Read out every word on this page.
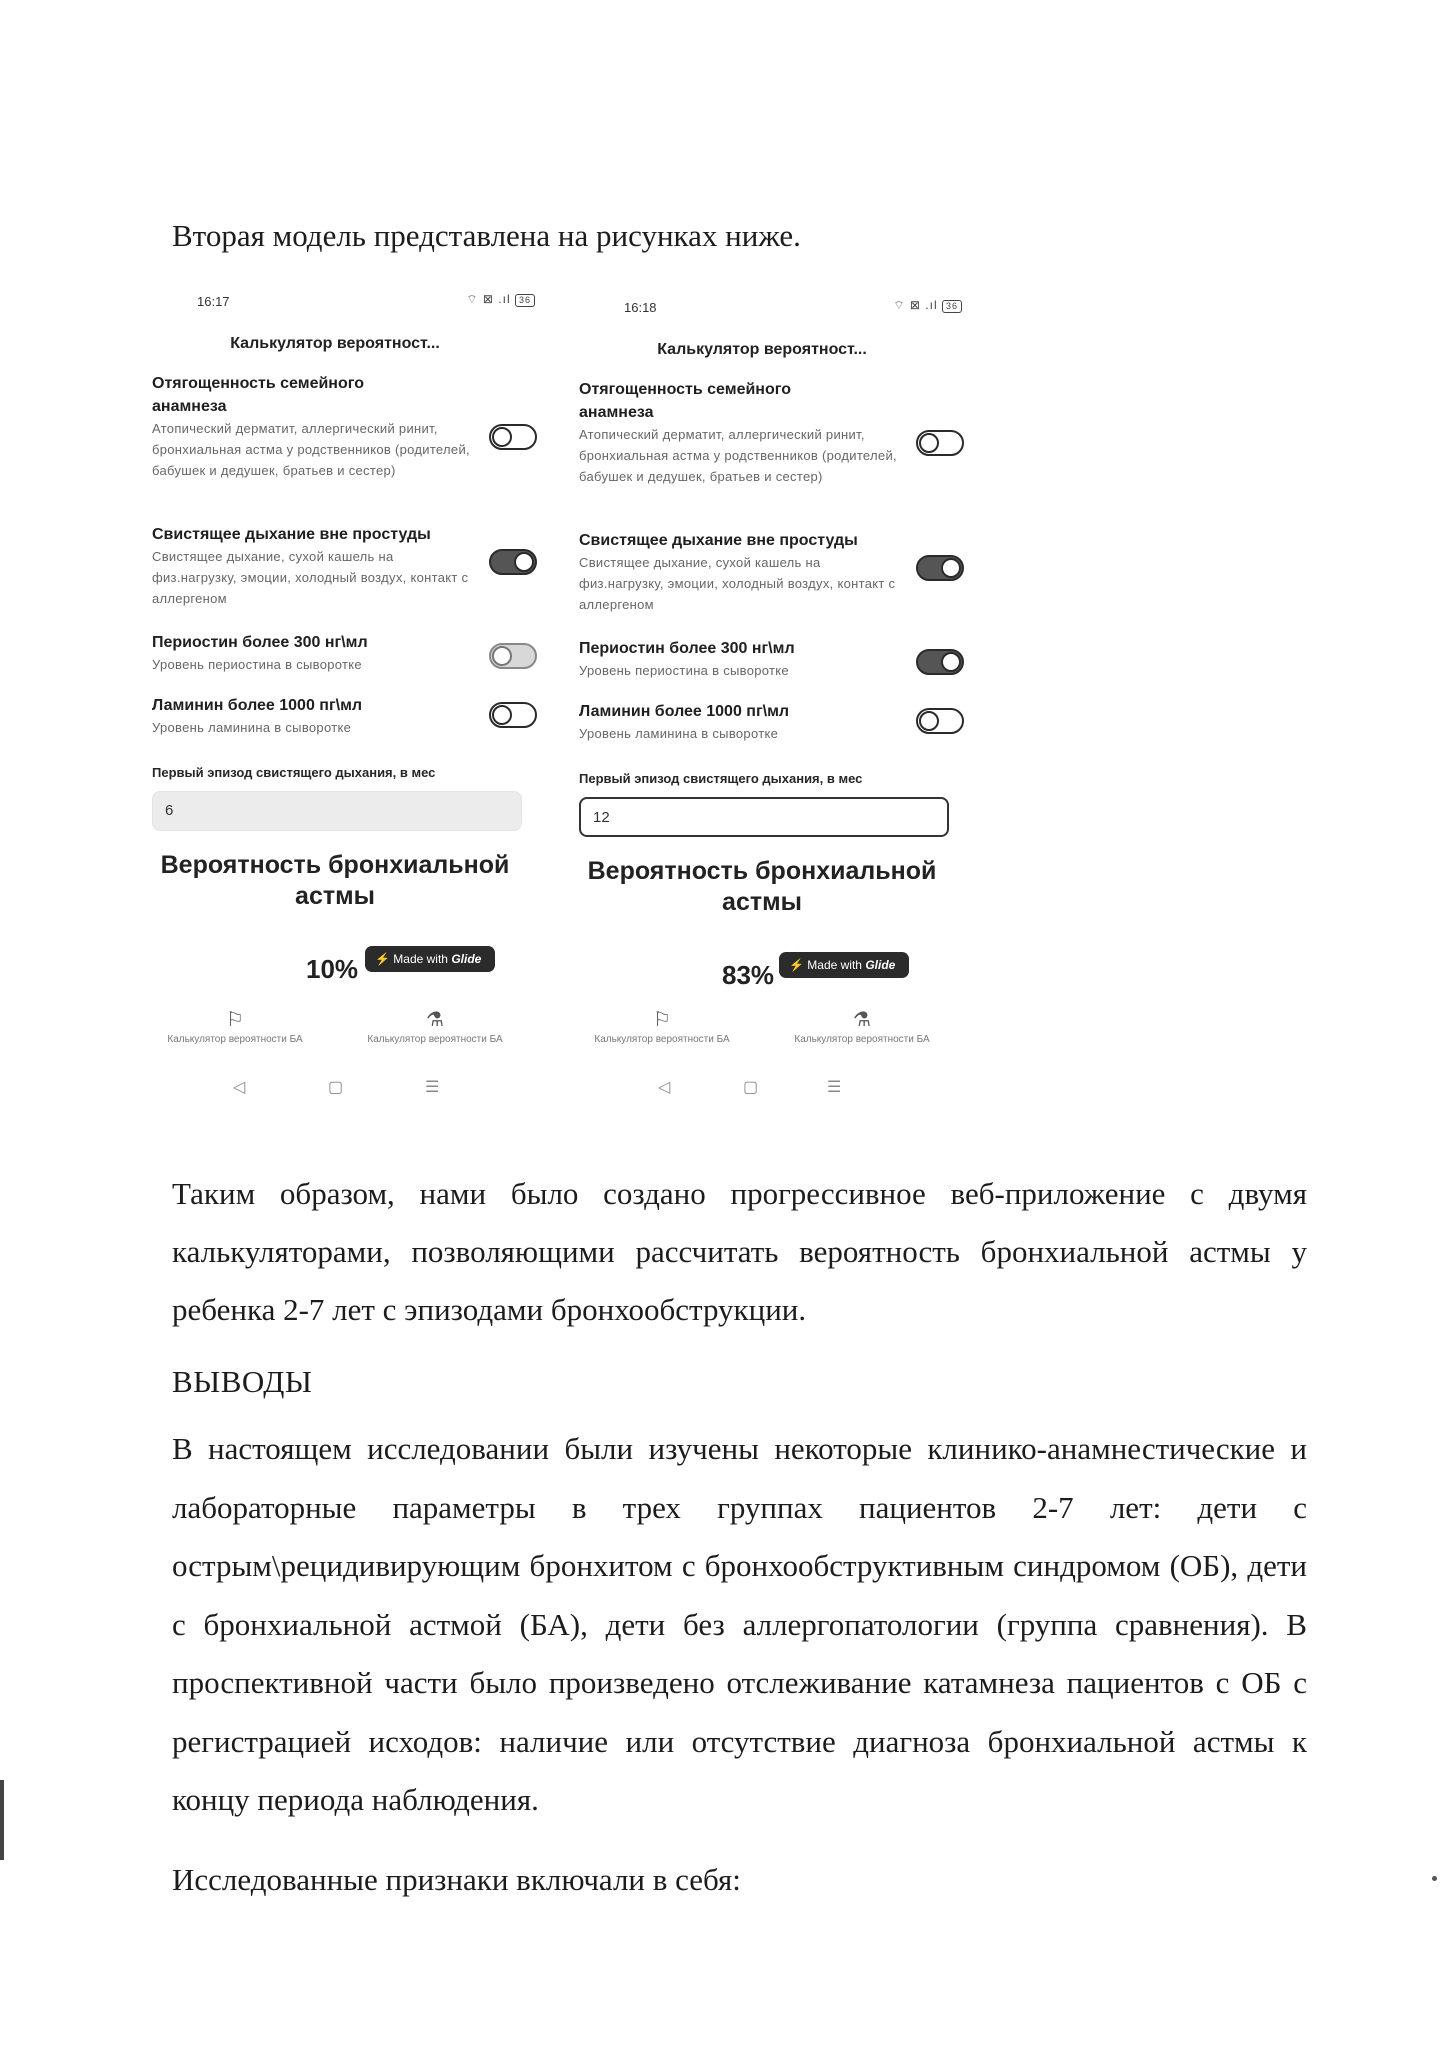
Вторая модель представлена на рисунках ниже.
16:17	⌔ ⊠ .ıl 36
Калькулятор вероятност...
Отягощенность семейного анамнеза
Атопический дерматит, аллергический ринит, бронхиальная астма у родственников (родителей, бабушек и дедушек, братьев и сестер)
Свистящее дыхание вне простуды
Свистящее дыхание, сухой кашель на физ.нагрузку, эмоции, холодный воздух, контакт с аллергеном
Периостин более 300 нг\мл
Уровень периостина в сыворотке
Ламинин более 1000 пг\мл
Уровень ламинина в сыворотке
Первый эпизод свистящего дыхания, в мес
6
Вероятность бронхиальной астмы
10%	⚡ Made with Glide
⚐
Калькулятор вероятности БА
⚗
Калькулятор вероятности БА
◁	▢	☰
16:18	⌔ ⊠ .ıl 36
Калькулятор вероятност...
Отягощенность семейного анамнеза
Атопический дерматит, аллергический ринит, бронхиальная астма у родственников (родителей, бабушек и дедушек, братьев и сестер)
Свистящее дыхание вне простуды
Свистящее дыхание, сухой кашель на физ.нагрузку, эмоции, холодный воздух, контакт с аллергеном
Периостин более 300 нг\мл
Уровень периостина в сыворотке
Ламинин более 1000 пг\мл
Уровень ламинина в сыворотке
Первый эпизод свистящего дыхания, в мес
12
Вероятность бронхиальной астмы
83%	⚡ Made with Glide
⚐
Калькулятор вероятности БА
⚗
Калькулятор вероятности БА
◁	▢	☰
Таким образом, нами было создано прогрессивное веб-приложение с двумя калькуляторами, позволяющими рассчитать вероятность бронхиальной астмы у ребенка 2-7 лет с эпизодами бронхообструкции.
ВЫВОДЫ
В настоящем исследовании были изучены некоторые клинико-анамнестические и лабораторные параметры в трех группах пациентов 2-7 лет: дети с острым\рецидивирующим бронхитом с бронхообструктивным синдромом (ОБ), дети с бронхиальной астмой (БА), дети без аллергопатологии (группа сравнения). В проспективной части было произведено отслеживание катамнеза пациентов с ОБ с регистрацией исходов: наличие или отсутствие диагноза бронхиальной астмы к концу периода наблюдения.
Исследованные признаки включали в себя:
